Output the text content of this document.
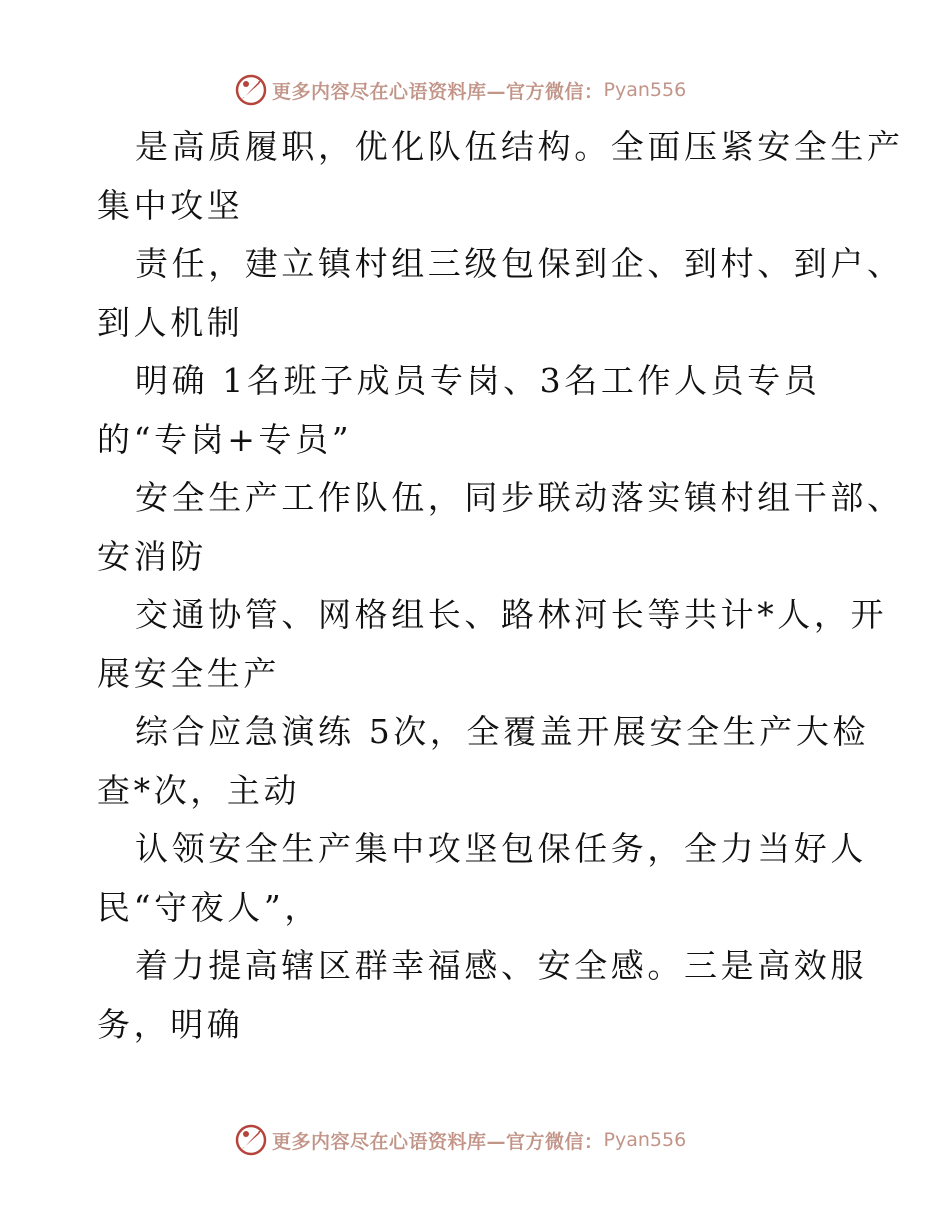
更多内容尽在心语资料库—官方微信： Pyan556
是高质履职，优化队伍结构。全面压紧安全生产
集中攻坚
责任，建立镇村组三级包保到企、到村、到户、
到人机制
明确 1名班子成员专岗、3名工作人员专员
的“专岗+专员”
安全生产工作队伍，同步联动落实镇村组干部、
安消防
交通协管、网格组长、路林河长等共计*人，开
展安全生产
综合应急演练 5次，全覆盖开展安全生产大检
查*次，主动
认领安全生产集中攻坚包保任务，全力当好人
民“守夜人”，
着力提高辖区群幸福感、安全感。三是高效服
务，明确
更多内容尽在心语资料库—官方微信： Pyan556
